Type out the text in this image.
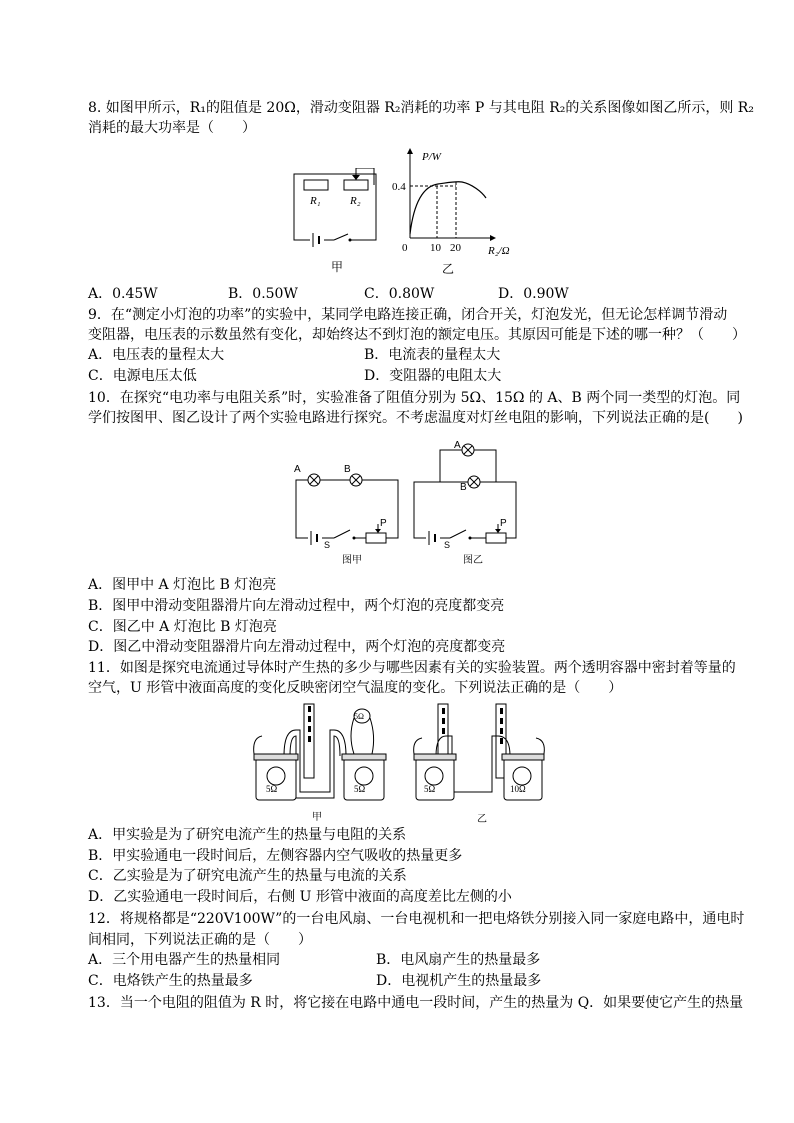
8. 如图甲所示，R₁的阻值是 20Ω，滑动变阻器 R₂消耗的功率 P 与其电阻 R₂的关系图像如图乙所示，则 R₂
消耗的最大功率是（　　）
R₁	R₂
甲
P/W
0.4
0 10 20 R₂/Ω
乙
A．0.45W	B．0.50W	C．0.80W	D．0.90W
9．在“测定小灯泡的功率”的实验中，某同学电路连接正确，闭合开关，灯泡发光，但无论怎样调节滑动
变阻器，电压表的示数虽然有变化，却始终达不到灯泡的额定电压。其原因可能是下述的哪一种？（　　）
A．电压表的量程太大	B．电流表的量程太大
C．电源电压太低	D．变阻器的电阻太大
10．在探究“电功率与电阻关系”时，实验准备了阻值分别为 5Ω、15Ω 的 A、B 两个同一类型的灯泡。同
学们按图甲、图乙设计了两个实验电路进行探究。不考虑温度对灯丝电阻的影响，下列说法正确的是(　　)
A	B
P
S
图甲
A
B
P
S
图乙
A．图甲中 A 灯泡比 B 灯泡亮
B．图甲中滑动变阻器滑片向左滑动过程中，两个灯泡的亮度都变亮
C．图乙中 A 灯泡比 B 灯泡亮
D．图乙中滑动变阻器滑片向左滑动过程中，两个灯泡的亮度都变亮
11．如图是探究电流通过导体时产生热的多少与哪些因素有关的实验装置。两个透明容器中密封着等量的
空气，U 形管中液面高度的变化反映密闭空气温度的变化。下列说法正确的是（　　）
5Ω	5Ω
5Ω
甲
5Ω	10Ω
乙
A．甲实验是为了研究电流产生的热量与电阻的关系
B．甲实验通电一段时间后，左侧容器内空气吸收的热量更多
C．乙实验是为了研究电流产生的热量与电流的关系
D．乙实验通电一段时间后，右侧 U 形管中液面的高度差比左侧的小
12．将规格都是“220V100W”的一台电风扇、一台电视机和一把电烙铁分别接入同一家庭电路中，通电时
间相同，下列说法正确的是（　　）
A．三个用电器产生的热量相同	B．电风扇产生的热量最多
C．电烙铁产生的热量最多	D．电视机产生的热量最多
13．当一个电阻的阻值为 R 时，将它接在电路中通电一段时间，产生的热量为 Q．如果要使它产生的热量
